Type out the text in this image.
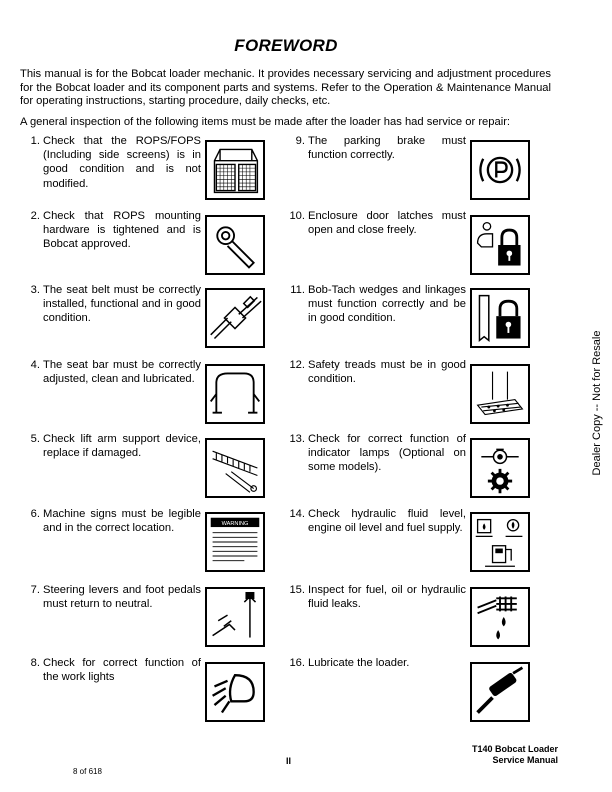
FOREWORD

This manual is for the Bobcat loader mechanic. It provides necessary servicing and adjustment procedures for the Bobcat loader and its component parts and systems. Refer to the Operation & Maintenance Manual for operating instructions, starting procedure, daily checks, etc.

A general inspection of the following items must be made after the loader has had service or repair:

1. Check that the ROPS/FOPS (Including side screens) is in good condition and is not modified.
2. Check that ROPS mounting hardware is tightened and is Bobcat approved.
3. The seat belt must be correctly installed, functional and in good condition.
4. The seat bar must be correctly adjusted, clean and lubricated.
5. Check lift arm support device, replace if damaged.
6. Machine signs must be legible and in the correct location.	WARNING
7. Steering levers and foot pedals must return to neutral.
8. Check for correct function of the work lights
9. The parking brake must function correctly.
10. Enclosure door latches must open and close freely.
11. Bob-Tach wedges and linkages must function correctly and be in good condition.
12. Safety treads must be in good condition.
13. Check for correct function of indicator lamps (Optional on some models).
14. Check hydraulic fluid level, engine oil level and fuel supply.
15. Inspect for fuel, oil or hydraulic fluid leaks.
16. Lubricate the loader.
Dealer Copy -- Not for Resale
T140 Bobcat Loader
Service Manual
II
8 of 618
